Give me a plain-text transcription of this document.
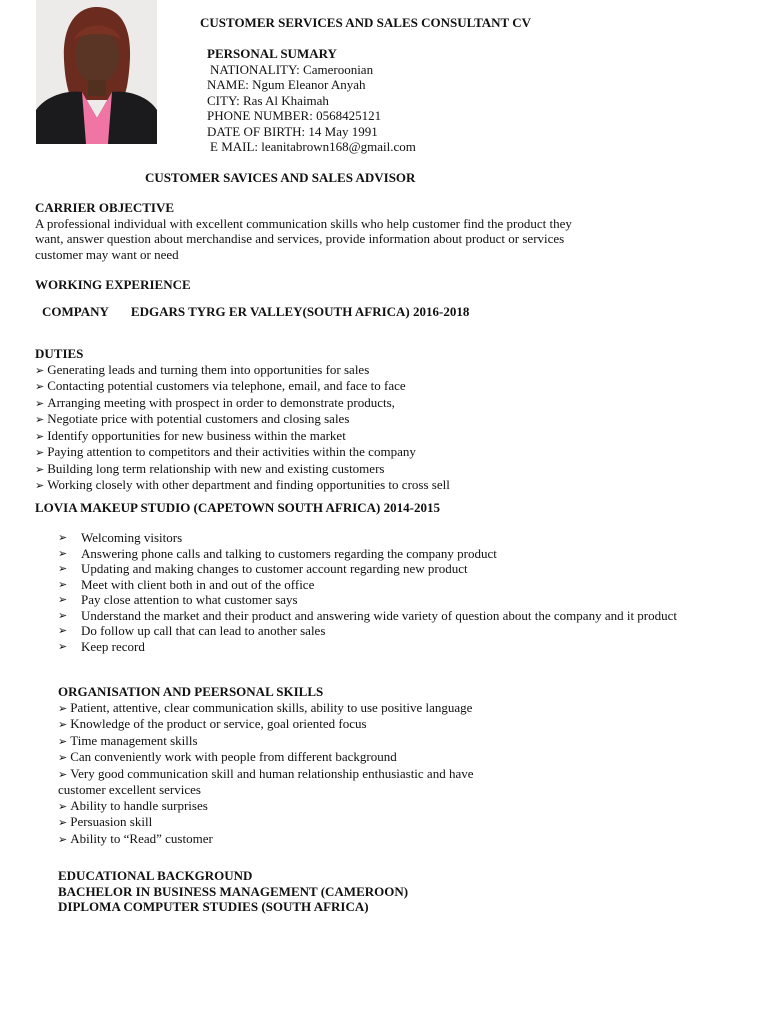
CUSTOMER SERVICES AND SALES CONSULTANT CV
PERSONAL SUMARY
NATIONALITY: Cameroonian
NAME: Ngum Eleanor Anyah
CITY: Ras Al Khaimah
PHONE NUMBER: 0568425121
DATE OF BIRTH: 14 May 1991
E MAIL: leanitabrown168@gmail.com
CUSTOMER SAVICES AND SALES ADVISOR
CARRIER OBJECTIVE

A professional individual with excellent communication skills who help customer find the product they want, answer question about merchandise and services, provide information about product or services customer may want or need

WORKING EXPERIENCE
COMPANY EDGARS TYRG ER VALLEY(SOUTH AFRICA) 2016-2018
DUTIES
➢ Generating leads and turning them into opportunities for sales
➢ Contacting potential customers via telephone, email, and face to face
➢ Arranging meeting with prospect in order to demonstrate products,
➢ Negotiate price with potential customers and closing sales
➢ Identify opportunities for new business within the market
➢ Paying attention to competitors and their activities within the company
➢ Building long term relationship with new and existing customers
➢ Working closely with other department and finding opportunities to cross sell
LOVIA MAKEUP STUDIO (CAPETOWN SOUTH AFRICA) 2014-2015
➢	Welcoming visitors
➢	Answering phone calls and talking to customers regarding the company product
➢	Updating and making changes to customer account regarding new product
➢	Meet with client both in and out of the office
➢	Pay close attention to what customer says
➢	Understand the market and their product and answering wide variety of question about the company and it product
➢	Do follow up call that can lead to another sales
➢	Keep record
ORGANISATION AND PEERSONAL SKILLS
➢ Patient, attentive, clear communication skills, ability to use positive language
➢ Knowledge of the product or service, goal oriented focus
➢ Time management skills
➢ Can conveniently work with people from different background
➢ Very good communication skill and human relationship enthusiastic and have
customer excellent services
➢ Ability to handle surprises
➢ Persuasion skill
➢ Ability to “Read” customer
EDUCATIONAL BACKGROUND
BACHELOR IN BUSINESS MANAGEMENT (CAMEROON)
DIPLOMA COMPUTER STUDIES (SOUTH AFRICA)
